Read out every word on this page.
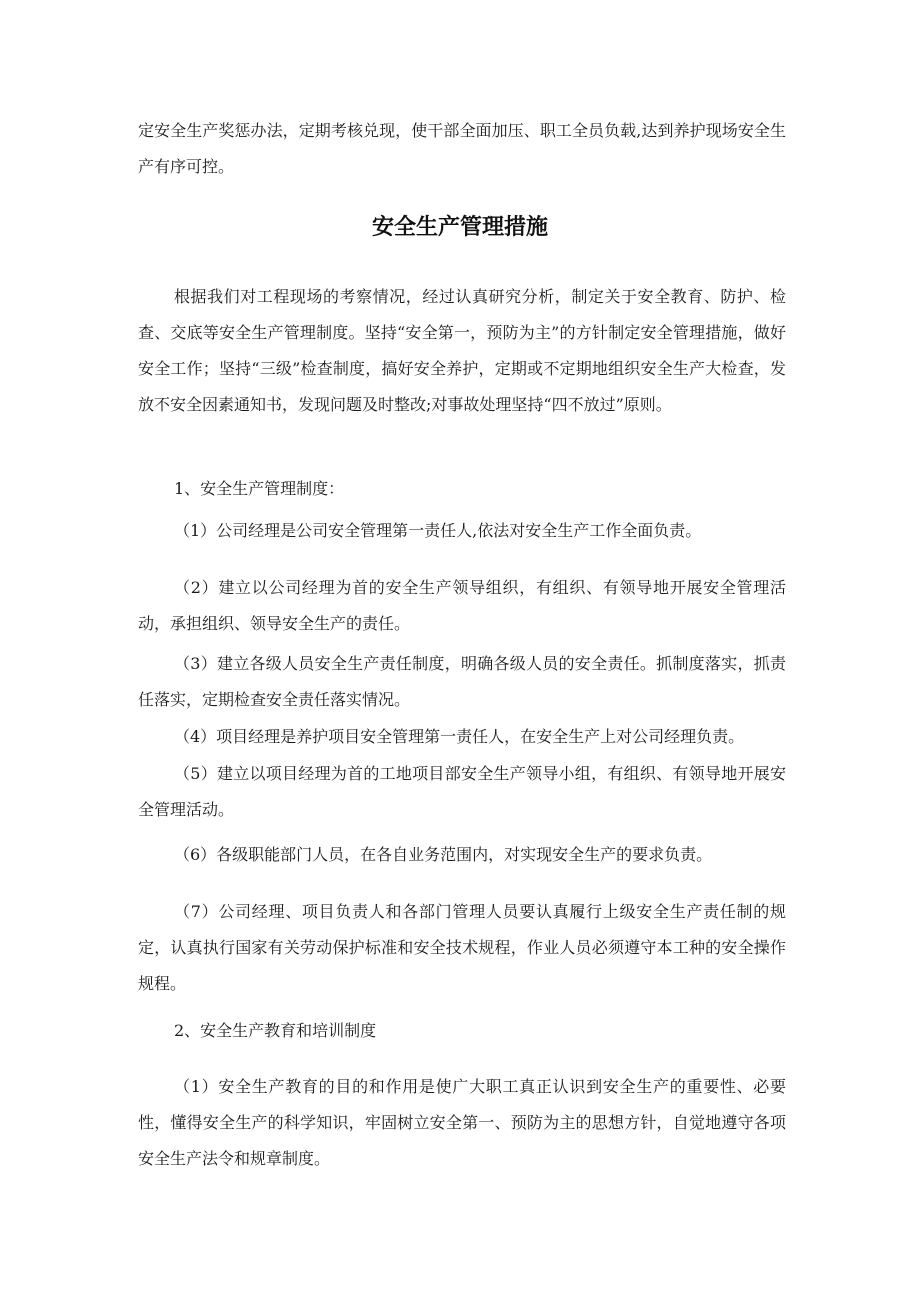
定安全生产奖惩办法，定期考核兑现，使干部全面加压、职工全员负载,达到养护现场安全生产有序可控。

安全生产管理措施

根据我们对工程现场的考察情况，经过认真研究分析，制定关于安全教育、防护、检查、交底等安全生产管理制度。坚持“安全第一，预防为主”的方针制定安全管理措施，做好安全工作；坚持“三级”检查制度，搞好安全养护，定期或不定期地组织安全生产大检查，发放不安全因素通知书，发现问题及时整改;对事故处理坚持“四不放过”原则。

1、安全生产管理制度：

（1）公司经理是公司安全管理第一责任人,依法对安全生产工作全面负责。

（2）建立以公司经理为首的安全生产领导组织，有组织、有领导地开展安全管理活动，承担组织、领导安全生产的责任。

（3）建立各级人员安全生产责任制度，明确各级人员的安全责任。抓制度落实，抓责任落实，定期检查安全责任落实情况。

（4）项目经理是养护项目安全管理第一责任人，在安全生产上对公司经理负责。

（5）建立以项目经理为首的工地项目部安全生产领导小组，有组织、有领导地开展安全管理活动。

（6）各级职能部门人员，在各自业务范围内，对实现安全生产的要求负责。

（7）公司经理、项目负责人和各部门管理人员要认真履行上级安全生产责任制的规定，认真执行国家有关劳动保护标准和安全技术规程，作业人员必须遵守本工种的安全操作规程。

2、安全生产教育和培训制度

（1）安全生产教育的目的和作用是使广大职工真正认识到安全生产的重要性、必要性，懂得安全生产的科学知识，牢固树立安全第一、预防为主的思想方针，自觉地遵守各项安全生产法令和规章制度。
